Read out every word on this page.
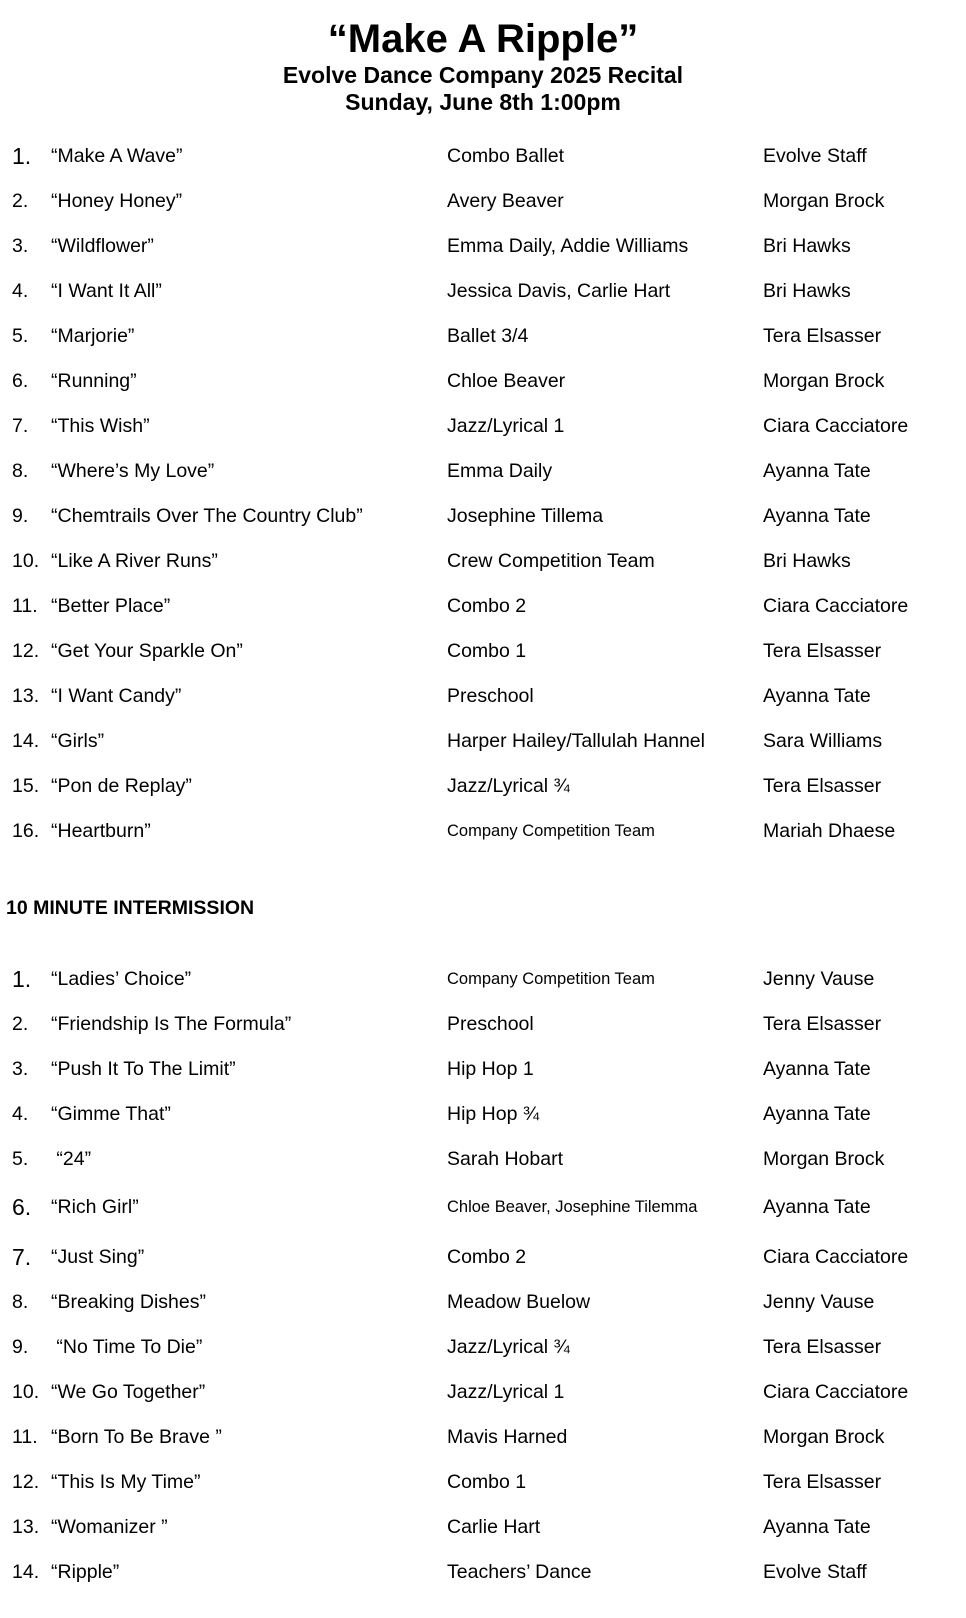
“Make A Ripple”
Evolve Dance Company 2025 Recital
Sunday, June 8th 1:00pm
1. “Make A Wave”	Combo Ballet	Evolve Staff
2. “Honey Honey”	Avery Beaver	Morgan Brock
3. “Wildflower”	Emma Daily, Addie Williams	Bri Hawks
4. “I Want It All”	Jessica Davis, Carlie Hart	Bri Hawks
5. “Marjorie”	Ballet 3/4	Tera Elsasser
6. “Running”	Chloe Beaver	Morgan Brock
7. “This Wish”	Jazz/Lyrical 1	Ciara Cacciatore
8. “Where’s My Love”	Emma Daily	Ayanna Tate
9. “Chemtrails Over The Country Club”	Josephine Tillema	Ayanna Tate
10. “Like A River Runs”	Crew Competition Team	Bri Hawks
11. “Better Place”	Combo 2	Ciara Cacciatore
12. “Get Your Sparkle On”	Combo 1	Tera Elsasser
13. “I Want Candy”	Preschool	Ayanna Tate
14. “Girls”	Harper Hailey/Tallulah Hannel	Sara Williams
15. “Pon de Replay”	Jazz/Lyrical ¾	Tera Elsasser
16. “Heartburn”	Company Competition Team	Mariah Dhaese
10 MINUTE INTERMISSION
1. “Ladies’ Choice”	Company Competition Team	Jenny Vause
2. “Friendship Is The Formula”	Preschool	Tera Elsasser
3. “Push It To The Limit”	Hip Hop 1	Ayanna Tate
4. “Gimme That”	Hip Hop ¾	Ayanna Tate
5. “24”	Sarah Hobart	Morgan Brock
6. “Rich Girl”	Chloe Beaver, Josephine Tilemma	Ayanna Tate
7. “Just Sing”	Combo 2	Ciara Cacciatore
8. “Breaking Dishes”	Meadow Buelow	Jenny Vause
9. “No Time To Die”	Jazz/Lyrical ¾	Tera Elsasser
10. “We Go Together”	Jazz/Lyrical 1	Ciara Cacciatore
11. “Born To Be Brave ”	Mavis Harned	Morgan Brock
12. “This Is My Time”	Combo 1	Tera Elsasser
13. “Womanizer ”	Carlie Hart	Ayanna Tate
14. “Ripple”	Teachers’ Dance	Evolve Staff
